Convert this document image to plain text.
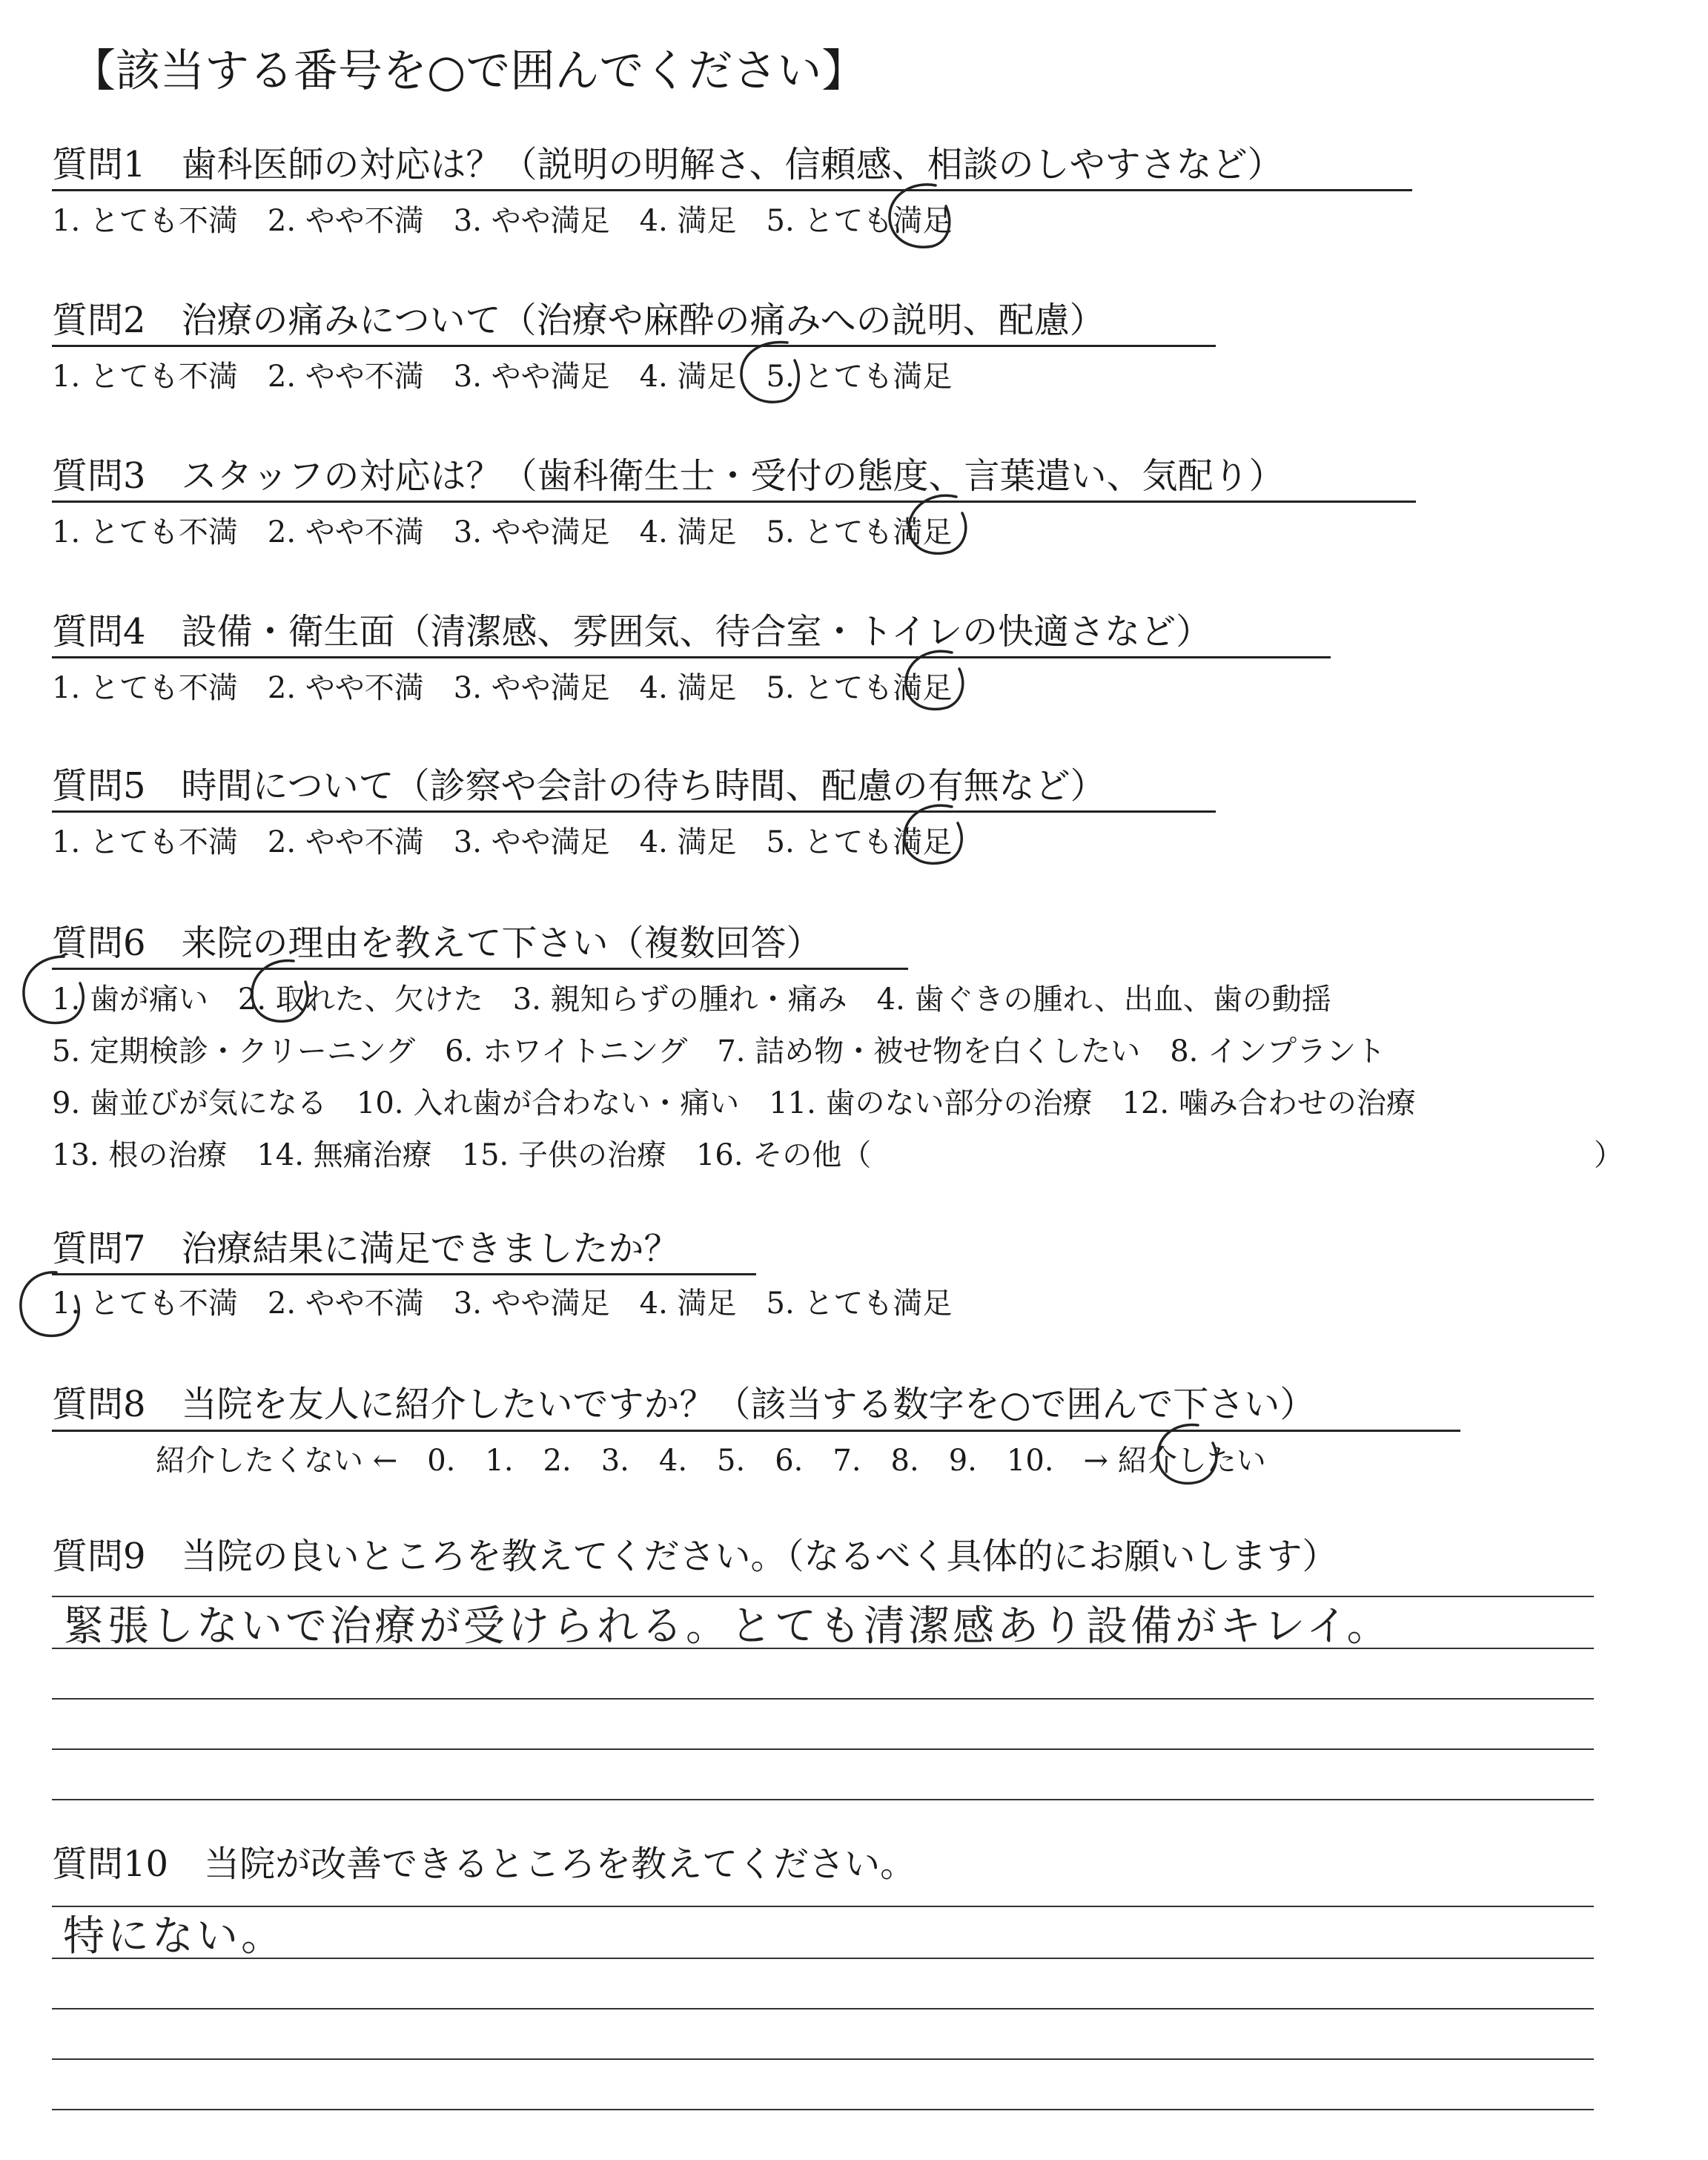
【該当する番号を○で囲んでください】
質問1　歯科医師の対応は？（説明の明解さ、信頼感、相談のしやすさなど）
1. とても不満　2. やや不満　3. やや満足　4. 満足　5. とても満足
質問2　治療の痛みについて（治療や麻酔の痛みへの説明、配慮）
1. とても不満　2. やや不満　3. やや満足　4. 満足　5. とても満足
質問3　スタッフの対応は？（歯科衛生士・受付の態度、言葉遣い、気配り）
1. とても不満　2. やや不満　3. やや満足　4. 満足　5. とても満足
質問4　設備・衛生面（清潔感、雰囲気、待合室・トイレの快適さなど）
1. とても不満　2. やや不満　3. やや満足　4. 満足　5. とても満足
質問5　時間について（診察や会計の待ち時間、配慮の有無など）
1. とても不満　2. やや不満　3. やや満足　4. 満足　5. とても満足
質問6　来院の理由を教えて下さい（複数回答）
1. 歯が痛い　2. 取れた、欠けた　3. 親知らずの腫れ・痛み　4. 歯ぐきの腫れ、出血、歯の動揺
5. 定期検診・クリーニング　6. ホワイトニング　7. 詰め物・被せ物を白くしたい　8. インプラント
9. 歯並びが気になる　10. 入れ歯が合わない・痛い　11. 歯のない部分の治療　12. 噛み合わせの治療
13. 根の治療　14. 無痛治療　15. 子供の治療　16. その他（	）
質問7　治療結果に満足できましたか？
1. とても不満　2. やや不満　3. やや満足　4. 満足　5. とても満足
質問8　当院を友人に紹介したいですか？（該当する数字を○で囲んで下さい）
紹介したくない ←　0.　1.　2.　3.　4.　5.　6.　7.　8.　9.　10.　→ 紹介したい
質問9　当院の良いところを教えてください。（なるべく具体的にお願いします）
緊張しないで治療が受けられる。とても清潔感あり設備がキレイ。
質問10　当院が改善できるところを教えてください。
特にない。
